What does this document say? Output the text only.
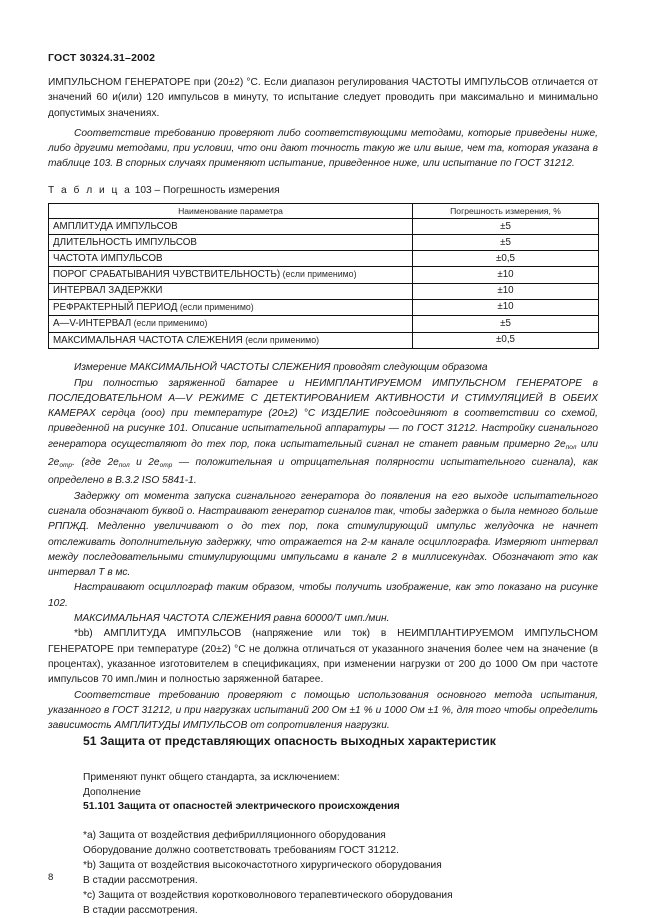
ГОСТ 30324.31–2002

ИМПУЛЬСНОМ ГЕНЕРАТОРЕ при (20±2) °С. Если диапазон регулирования ЧАСТОТЫ ИМПУЛЬСОВ отличается от значений 60 и(или) 120 импульсов в минуту, то испытание следует проводить при максимально и минимально допустимых значениях.

Соответствие требованию проверяют либо соответствующими методами, которые приведены ниже, либо другими методами, при условии, что они дают точность такую же или выше, чем та, которая указана в таблице 103. В спорных случаях применяют испытание, приведенное ниже, или испытание по ГОСТ 31212.

Т а б л и ц а 103 – Погрешность измерения
Наименование параметра	Погрешность измерения, %
АМПЛИТУДА ИМПУЛЬСОВ	±5
ДЛИТЕЛЬНОСТЬ ИМПУЛЬСОВ	±5
ЧАСТОТА ИМПУЛЬСОВ	±0,5
ПОРОГ СРАБАТЫВАНИЯ ЧУВСТВИТЕЛЬНОСТЬ) (если применимо)	±10
ИНТЕРВАЛ ЗАДЕРЖКИ	±10
РЕФРАКТЕРНЫЙ ПЕРИОД (если применимо)	±10
А—V-ИНТЕРВАЛ (если применимо)	±5
МАКСИМАЛЬНАЯ ЧАСТОТА СЛЕЖЕНИЯ (если применимо)	±0,5

Измерение МАКСИМАЛЬНОЙ ЧАСТОТЫ СЛЕЖЕНИЯ проводят следующим образома

При полностью заряженной батарее и НЕИМПЛАНТИРУЕМОМ ИМПУЛЬСНОМ ГЕНЕРАТОРЕ в ПОСЛЕДОВАТЕЛЬНОМ А—V РЕЖИМЕ С ДЕТЕКТИРОВАНИЕМ АКТИВНОСТИ И СТИМУЛЯЦИЕЙ В ОБЕИХ КАМЕРАХ сердца (ооо) при температуре (20±2) °С ИЗДЕЛИЕ подсоединяют в соответствии со схемой, приведенной на рисунке 101. Описание испытательной аппаратуры — по ГОСТ 31212. Настройку сигнального генератора осуществляют до тех пор, пока испытательный сигнал не станет равным примерно $2e_{пол}$ или $2e_{отр}$. (где $2e_{пол}$ и $2e_{отр}$ — положительная и отрицательная полярности испытательного сигнала), как определено в В.3.2 ISO 5841-1.

Задержку от момента запуска сигнального генератора до появления на его выходе испытательного сигнала обозначают буквой о. Настраивают генератор сигналов так, чтобы задержка о была немного больше РППЖД. Медленно увеличивают о до тех пор, пока стимулирующий импульс желудочка не начнет отслеживать дополнительную задержку, что отражается на 2-м канале осциллографа. Измеряют интервал между последовательными стимулирующими импульсами в канале 2 в миллисекундах. Обозначают это как интервал Т в мс.

Настраивают осциллограф таким образом, чтобы получить изображение, как это показано на рисунке 102.

МАКСИМАЛЬНАЯ ЧАСТОТА СЛЕЖЕНИЯ равна 60000/T имп./мин.

*bb) АМПЛИТУДА ИМПУЛЬСОВ (напряжение или ток) в НЕИМПЛАНТИРУЕМОМ ИМПУЛЬСНОМ ГЕНЕРАТОРЕ при температуре (20±2) °С не должна отличаться от указанного значения более чем на значение (в процентах), указанное изготовителем в спецификациях, при изменении нагрузки от 200 до 1000 Ом при частоте импульсов 70 имп./мин и полностью заряженной батарее.

Соответствие требованию проверяют с помощью использования основного метода испытания, указанного в ГОСТ 31212, и при нагрузках испытаний 200 Ом ±1 % и 1000 Ом ±1 %, для того чтобы определить зависимость АМПЛИТУДЫ ИМПУЛЬСОВ от сопротивления нагрузки.

51 Защита от представляющих опасность выходных характеристик

Применяют пункт общего стандарта, за исключением:

Дополнение

51.101 Защита от опасностей электрического происхождения

*a) Защита от воздействия дефибрилляционного оборудования

Оборудование должно соответствовать требованиям ГОСТ 31212.

*b) Защита от воздействия высокочастотного хирургического оборудования

В стадии рассмотрения.

*c) Защита от воздействия коротковолнового терапевтического оборудования

В стадии рассмотрения.

8
